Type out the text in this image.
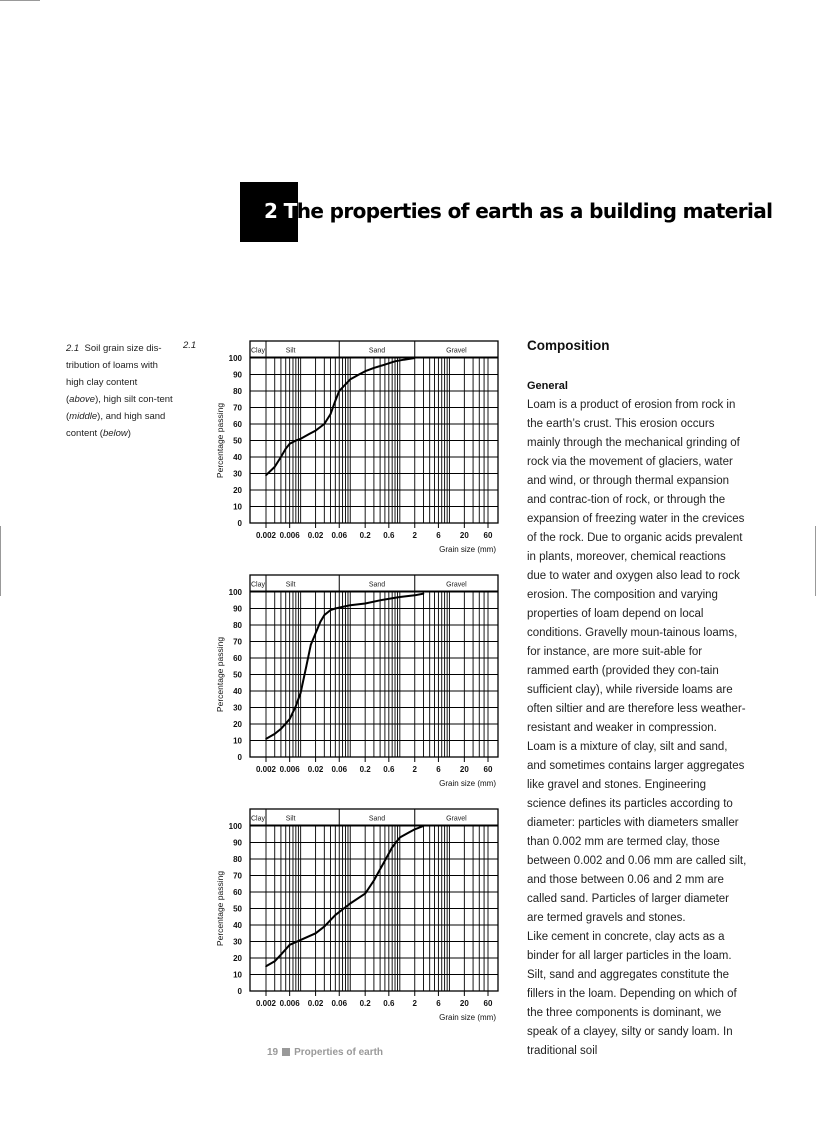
2 The properties of earth as a building material
2.1 Soil grain size dis- tribution of loams with high clay content (above), high silt con-tent (middle), and high sand content (below)
2.1	Clay	Silt	Sand	Gravel
0
10
20
30
40
50
60
70
80
90
100
0.002 0.006 0.02 0.06 0.2 0.6 2 6 20 60
Grain size (mm)
Percentage passing
Clay	Silt	Sand	Gravel
0
10
20
30
40
50
60
70
80
90
100
0.002 0.006 0.02 0.06 0.2 0.6 2 6 20 60
Grain size (mm)
Percentage passing
Clay	Silt	Sand	Gravel
0
10
20
30
40
50
60
70
80
90
100
0.002 0.006 0.02 0.06 0.2 0.6 2 6 20 60
Grain size (mm)
Percentage passing
Composition
General

Loam is a product of erosion from rock in the earth’s crust. This erosion occurs mainly through the mechanical grinding of rock via the movement of glaciers, water and wind, or through thermal expansion and contrac-tion of rock, or through the expansion of freezing water in the crevices of the rock. Due to organic acids prevalent in plants, moreover, chemical reactions due to water and oxygen also lead to rock erosion. The composition and varying properties of loam depend on local conditions. Gravelly moun-tainous loams, for instance, are more suit-able for rammed earth (provided they con-tain sufficient clay), while riverside loams are often siltier and are therefore less weather-resistant and weaker in compression.

Loam is a mixture of clay, silt and sand, and sometimes contains larger aggregates like gravel and stones. Engineering science defines its particles according to diameter: particles with diameters smaller than 0.002 mm are termed clay, those between 0.002 and 0.06 mm are called silt, and those between 0.06 and 2 mm are called sand. Particles of larger diameter are termed gravels and stones.

Like cement in concrete, clay acts as a binder for all larger particles in the loam. Silt, sand and aggregates constitute the fillers in the loam. Depending on which of the three components is dominant, we speak of a clayey, silty or sandy loam. In traditional soil

19 Properties of earth
